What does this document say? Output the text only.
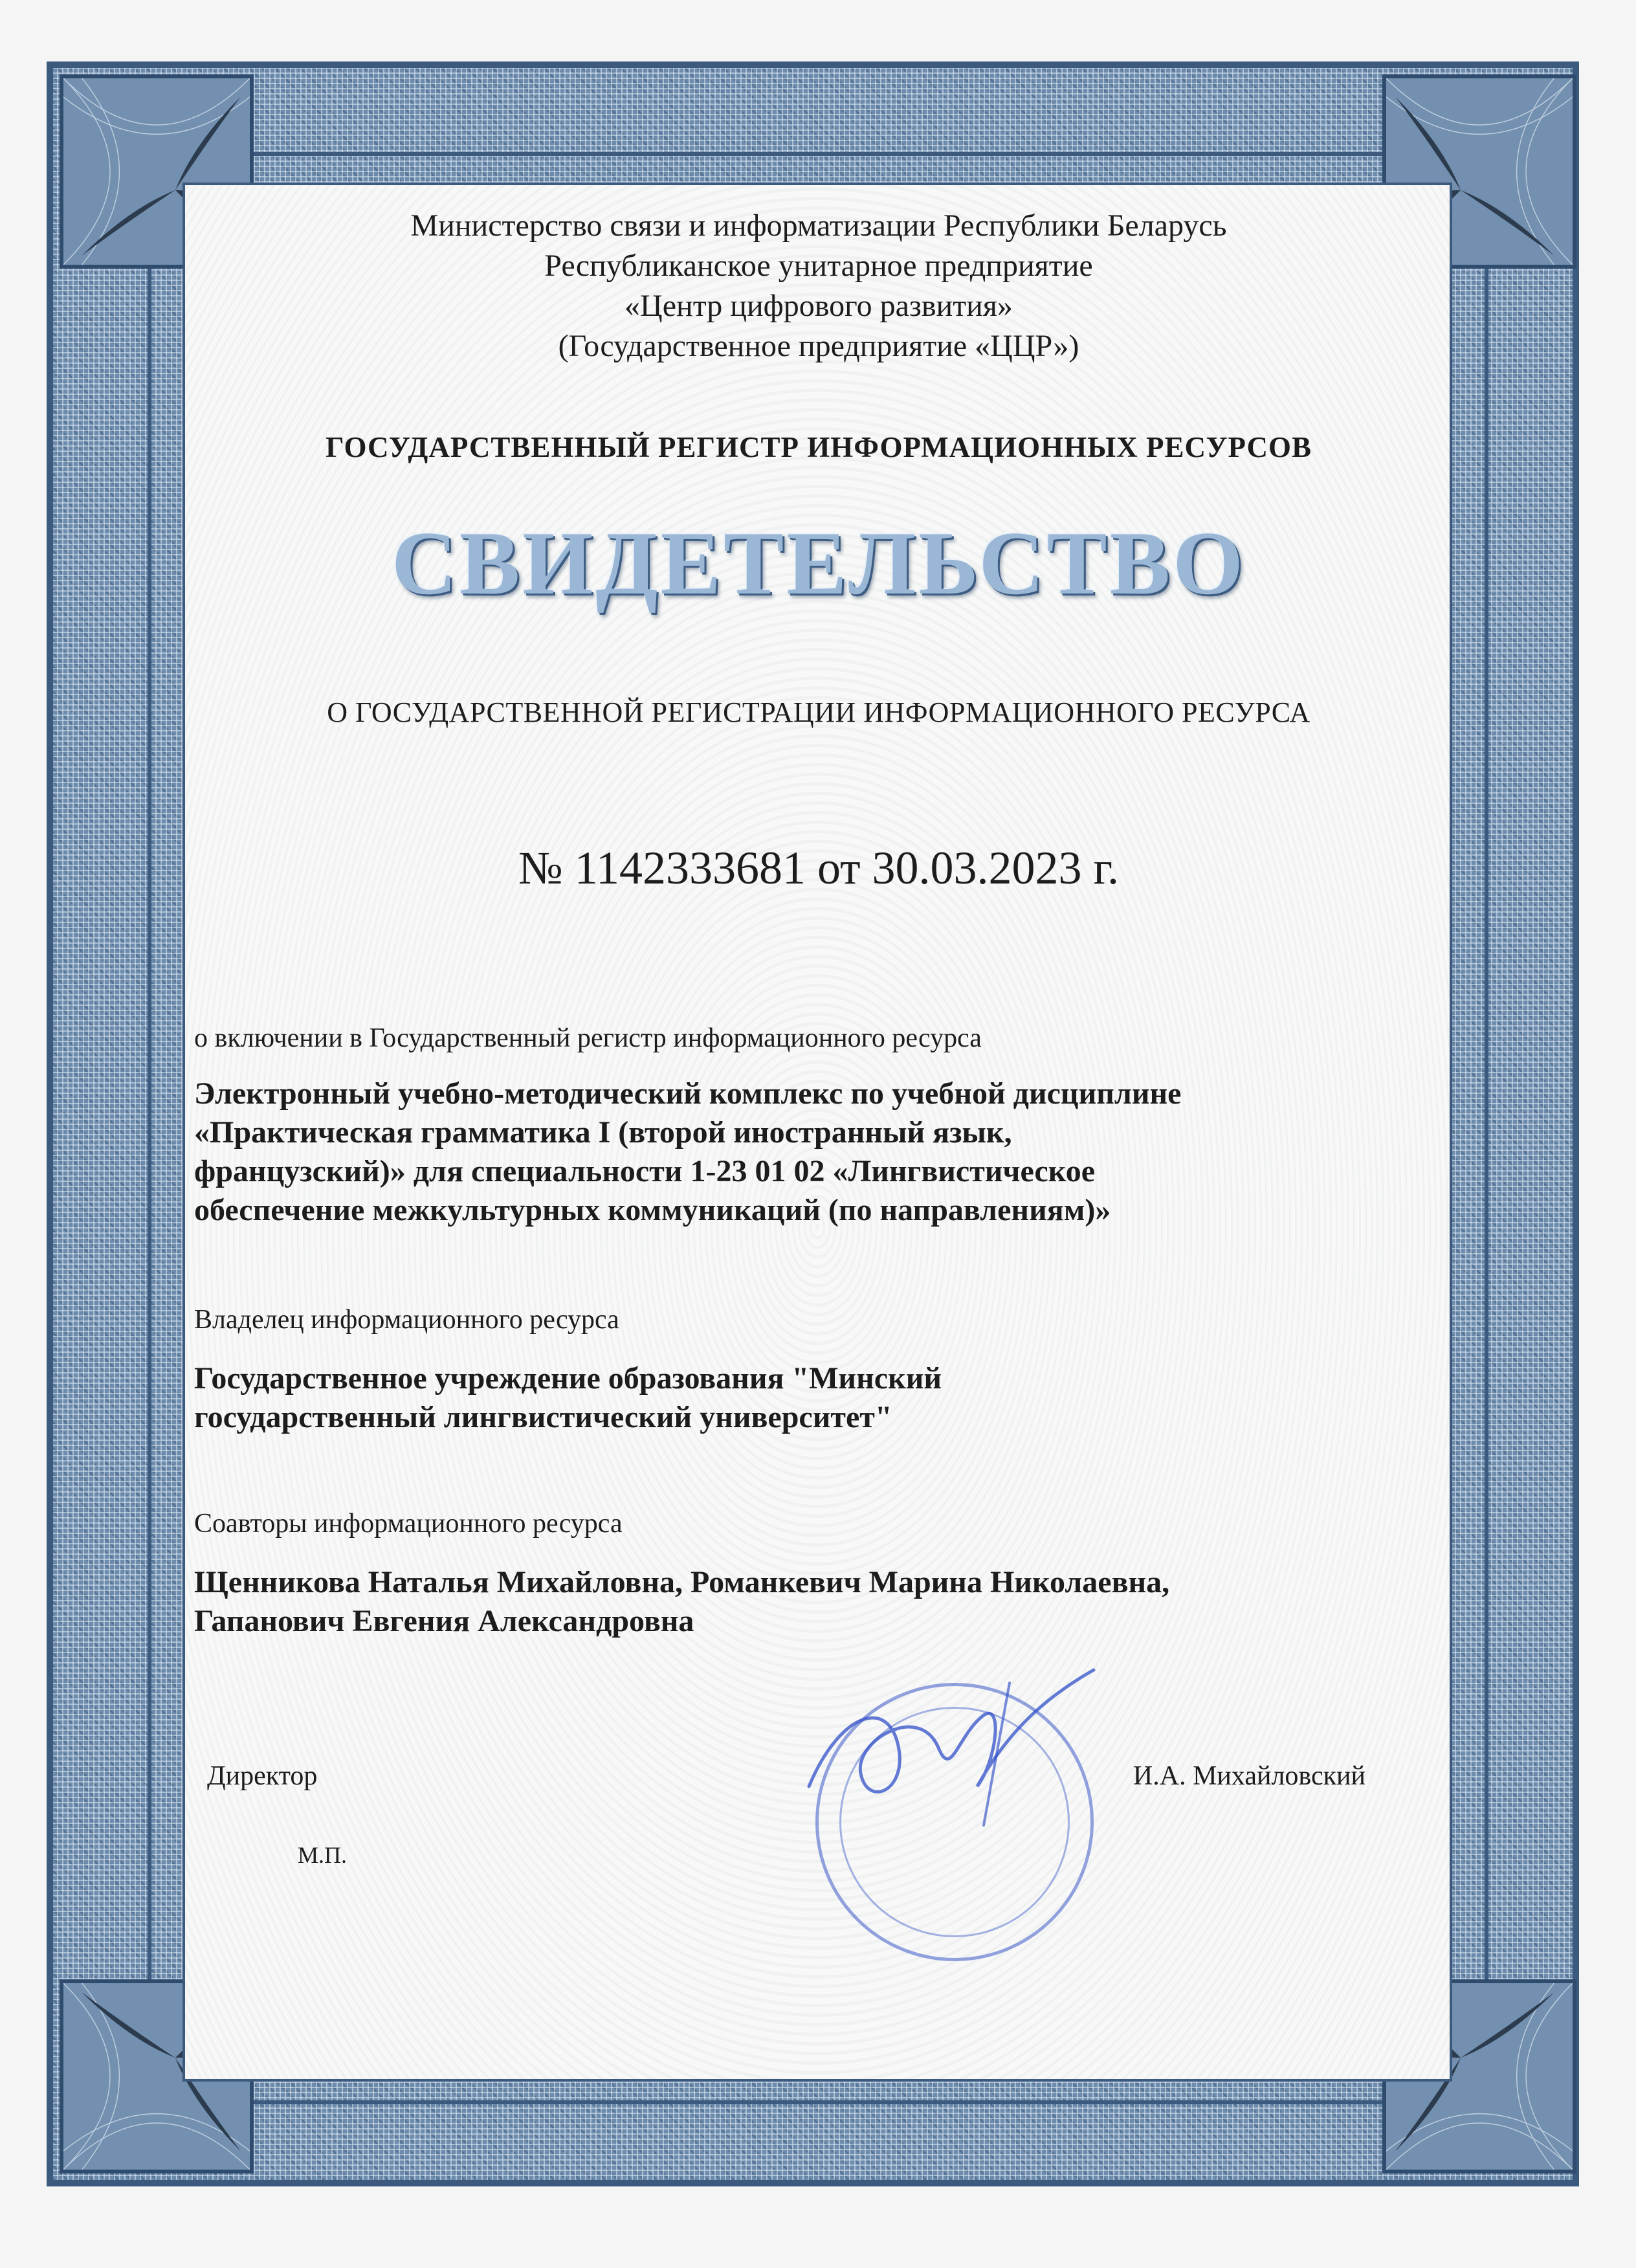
Министерство связи и информатизации Республики Беларусь
Республиканское унитарное предприятие
«Центр цифрового развития»
(Государственное предприятие «ЦЦР»)
ГОСУДАРСТВЕННЫЙ РЕГИСТР ИНФОРМАЦИОННЫХ РЕСУРСОВ
СВИДЕТЕЛЬСТВО
О ГОСУДАРСТВЕННОЙ РЕГИСТРАЦИИ ИНФОРМАЦИОННОГО РЕСУРСА
№ 1142333681 от 30.03.2023 г.
о включении в Государственный регистр информационного ресурса
Электронный учебно-методический комплекс по учебной дисциплине
«Практическая грамматика I (второй иностранный язык,
французский)» для специальности 1-23 01 02 «Лингвистическое
обеспечение межкультурных коммуникаций (по направлениям)»
Владелец информационного ресурса
Государственное учреждение образования "Минский
государственный лингвистический университет"
Соавторы информационного ресурса
Щенникова Наталья Михайловна, Романкевич Марина Николаевна,
Гапанович Евгения Александровна
Директор	И.А. Михайловский
М.П.
